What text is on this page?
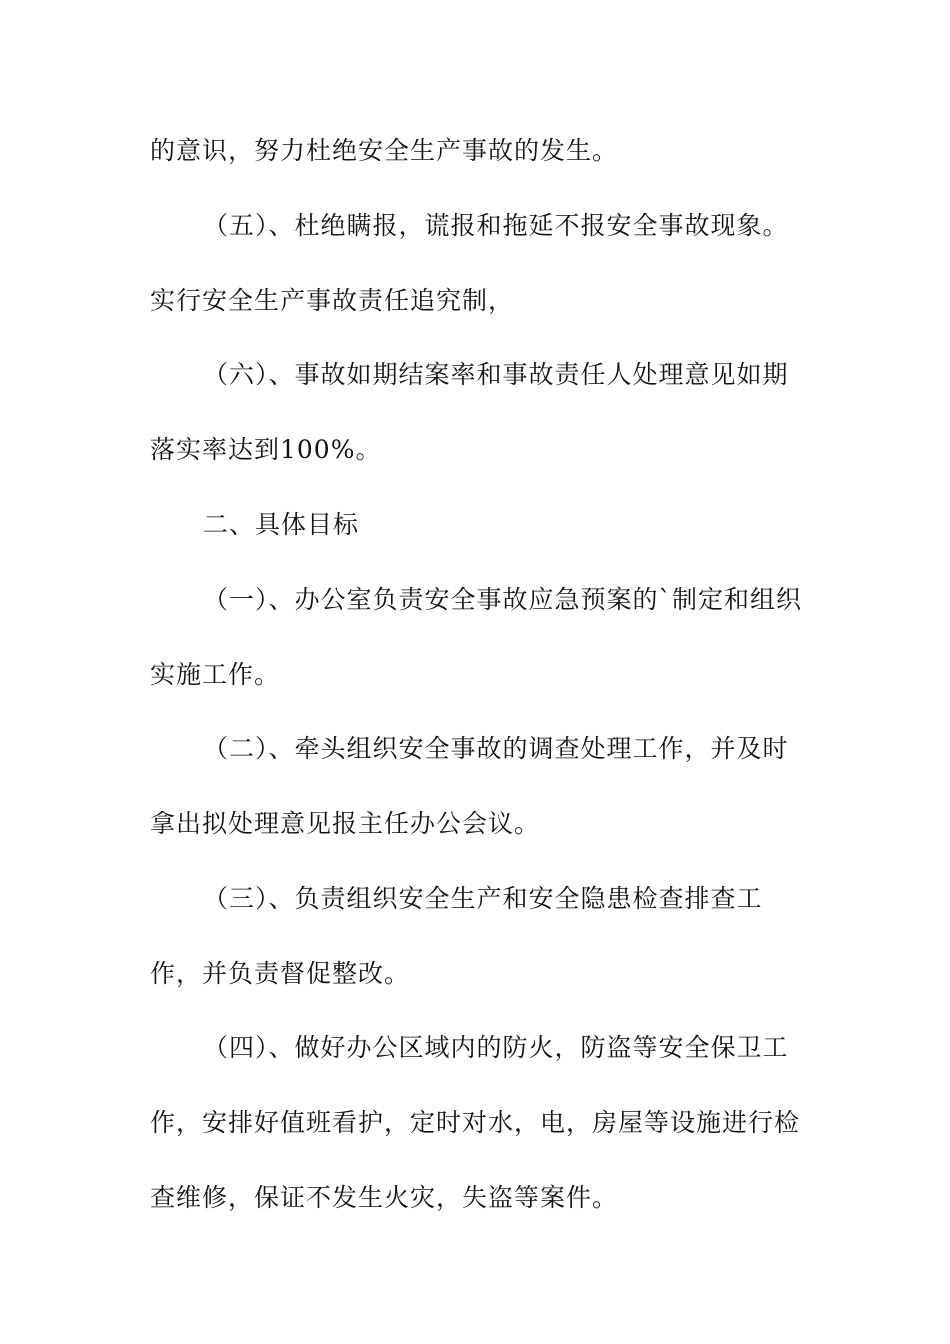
的意识，努力杜绝安全生产事故的发生。
（五）、杜绝瞒报，谎报和拖延不报安全事故现象。
实行安全生产事故责任追究制，
（六）、事故如期结案率和事故责任人处理意见如期
落实率达到100%。
二、具体目标
（一）、办公室负责安全事故应急预案的`制定和组织
实施工作。
（二）、牵头组织安全事故的调查处理工作，并及时
拿出拟处理意见报主任办公会议。
（三）、负责组织安全生产和安全隐患检查排查工
作，并负责督促整改。
（四）、做好办公区域内的防火，防盗等安全保卫工
作，安排好值班看护，定时对水，电，房屋等设施进行检
查维修，保证不发生火灾，失盗等案件。
